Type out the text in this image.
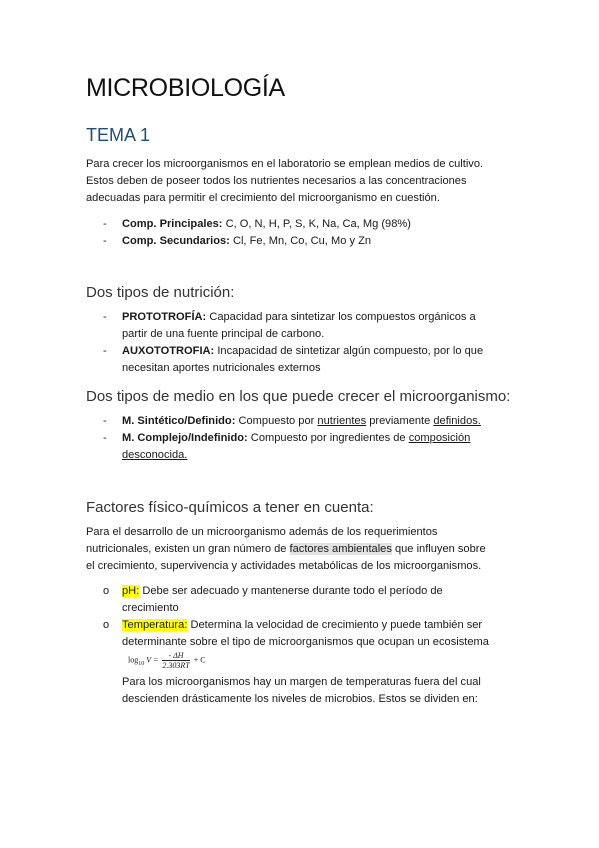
MICROBIOLOGÍA
TEMA 1
Para crecer los microorganismos en el laboratorio se emplean medios de cultivo.
Estos deben de poseer todos los nutrientes necesarios a las concentraciones
adecuadas para permitir el crecimiento del microorganismo en cuestión.
- Comp. Principales: C, O, N, H, P, S, K, Na, Ca, Mg (98%)
- Comp. Secundarios: Cl, Fe, Mn, Co, Cu, Mo y Zn
Dos tipos de nutrición:
- PROTOTROFÍA: Capacidad para sintetizar los compuestos orgánicos a
partir de una fuente principal de carbono.
- AUXOTOTROFIA: Incapacidad de sintetizar algún compuesto, por lo que
necesitan aportes nutricionales externos
Dos tipos de medio en los que puede crecer el microorganismo:
- M. Sintético/Definido: Compuesto por nutrientes previamente definidos.
- M. Complejo/Indefinido: Compuesto por ingredientes de composición
desconocida.
Factores físico-químicos a tener en cuenta:
Para el desarrollo de un microorganismo además de los requerimientos
nutricionales, existen un gran número de factores ambientales que influyen sobre
el crecimiento, supervivencia y actividades metabólicas de los microorganismos.
o pH: Debe ser adecuado y mantenerse durante todo el período de
crecimiento
o Temperatura: Determina la velocidad de crecimiento y puede también ser
determinante sobre el tipo de microorganismos que ocupan un ecosistema
$\log_{10} V = \frac{- \Delta H}{2.303RT} + C$
Para los microorganismos hay un margen de temperaturas fuera del cual
descienden drásticamente los niveles de microbios. Estos se dividen en:
